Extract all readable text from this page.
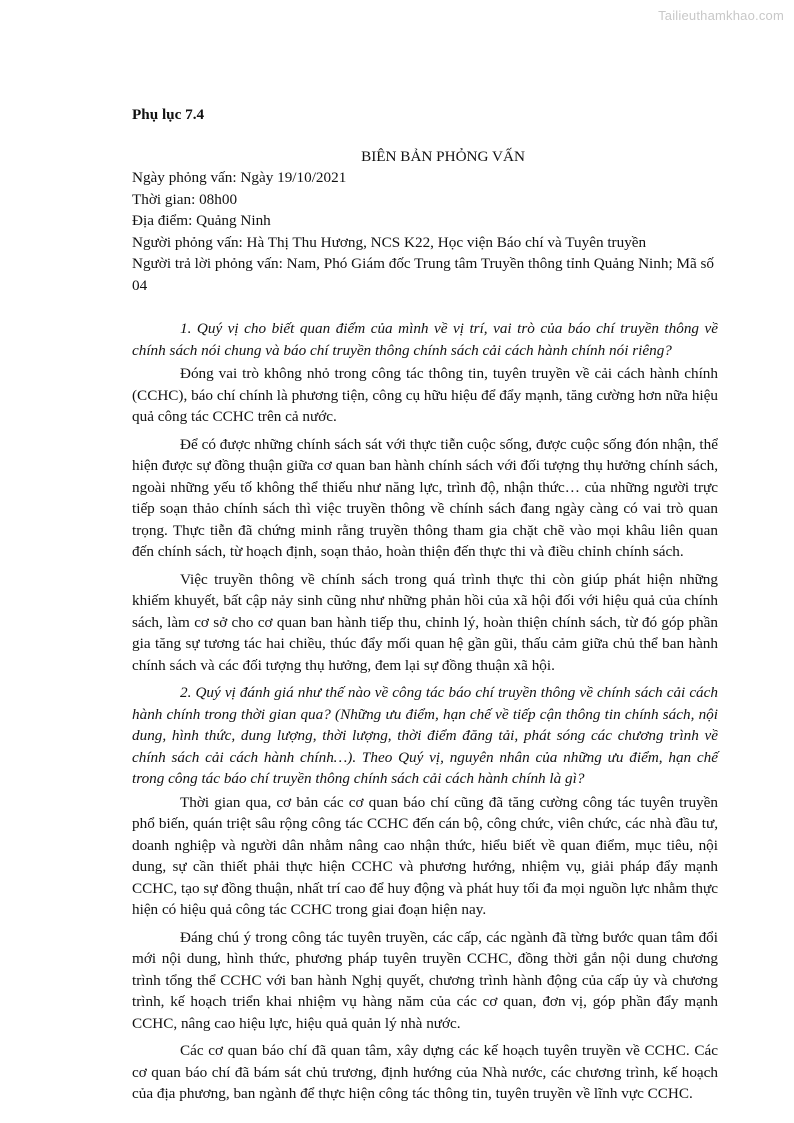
Tailieuthamkhao.com

Phụ lục 7.4

BIÊN BẢN PHỎNG VẤN

Ngày phỏng vấn: Ngày 19/10/2021

Thời gian: 08h00

Địa điểm: Quảng Ninh

Người phỏng vấn: Hà Thị Thu Hương, NCS K22, Học viện Báo chí và Tuyên truyền

Người trả lời phỏng vấn: Nam, Phó Giám đốc Trung tâm Truyền thông tỉnh Quảng Ninh; Mã số 04

1. Quý vị cho biết quan điểm của mình về vị trí, vai trò của báo chí truyền thông về chính sách nói chung và báo chí truyền thông chính sách cải cách hành chính nói riêng?

Đóng vai trò không nhỏ trong công tác thông tin, tuyên truyền về cải cách hành chính (CCHC), báo chí chính là phương tiện, công cụ hữu hiệu để đẩy mạnh, tăng cường hơn nữa hiệu quả công tác CCHC trên cả nước.

Để có được những chính sách sát với thực tiễn cuộc sống, được cuộc sống đón nhận, thể hiện được sự đồng thuận giữa cơ quan ban hành chính sách với đối tượng thụ hưởng chính sách, ngoài những yếu tố không thể thiếu như năng lực, trình độ, nhận thức… của những người trực tiếp soạn thảo chính sách thì việc truyền thông về chính sách đang ngày càng có vai trò quan trọng. Thực tiễn đã chứng minh rằng truyền thông tham gia chặt chẽ vào mọi khâu liên quan đến chính sách, từ hoạch định, soạn thảo, hoàn thiện đến thực thi và điều chỉnh chính sách.

Việc truyền thông về chính sách trong quá trình thực thi còn giúp phát hiện những khiếm khuyết, bất cập nảy sinh cũng như những phản hồi của xã hội đối với hiệu quả của chính sách, làm cơ sở cho cơ quan ban hành tiếp thu, chỉnh lý, hoàn thiện chính sách, từ đó góp phần gia tăng sự tương tác hai chiều, thúc đẩy mối quan hệ gần gũi, thấu cảm giữa chủ thể ban hành chính sách và các đối tượng thụ hưởng, đem lại sự đồng thuận xã hội.

2. Quý vị đánh giá như thế nào về công tác báo chí truyền thông về chính sách cải cách hành chính trong thời gian qua? (Những ưu điểm, hạn chế về tiếp cận thông tin chính sách, nội dung, hình thức, dung lượng, thời lượng, thời điểm đăng tải, phát sóng các chương trình về chính sách cải cách hành chính…). Theo Quý vị, nguyên nhân của những ưu điểm, hạn chế trong công tác báo chí truyền thông chính sách cải cách hành chính là gì?

Thời gian qua, cơ bản các cơ quan báo chí cũng đã tăng cường công tác tuyên truyền phổ biến, quán triệt sâu rộng công tác CCHC đến cán bộ, công chức, viên chức, các nhà đầu tư, doanh nghiệp và người dân nhằm nâng cao nhận thức, hiểu biết về quan điểm, mục tiêu, nội dung, sự cần thiết phải thực hiện CCHC và phương hướng, nhiệm vụ, giải pháp đẩy mạnh CCHC, tạo sự đồng thuận, nhất trí cao để huy động và phát huy tối đa mọi nguồn lực nhằm thực hiện có hiệu quả công tác CCHC trong giai đoạn hiện nay.

Đáng chú ý trong công tác tuyên truyền, các cấp, các ngành đã từng bước quan tâm đổi mới nội dung, hình thức, phương pháp tuyên truyền CCHC, đồng thời gắn nội dung chương trình tổng thể CCHC với ban hành Nghị quyết, chương trình hành động của cấp ủy và chương trình, kế hoạch triển khai nhiệm vụ hàng năm của các cơ quan, đơn vị, góp phần đẩy mạnh CCHC, nâng cao hiệu lực, hiệu quả quản lý nhà nước.

Các cơ quan báo chí đã quan tâm, xây dựng các kế hoạch tuyên truyền về CCHC. Các cơ quan báo chí đã bám sát chủ trương, định hướng của Nhà nước, các chương trình, kế hoạch của địa phương, ban ngành để thực hiện công tác thông tin, tuyên truyền về lĩnh vực CCHC.
